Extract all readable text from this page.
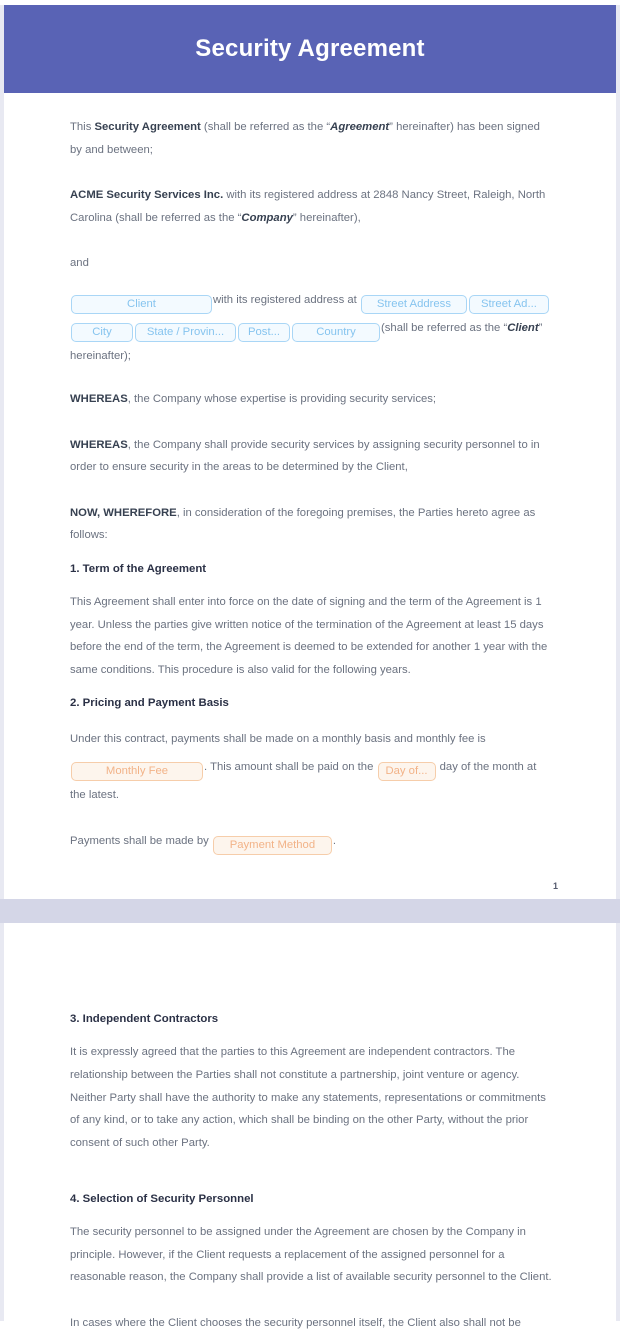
Security Agreement

This Security Agreement (shall be referred as the “Agreement” hereinafter) has been signed by and between;

ACME Security Services Inc. with its registered address at 2848 Nancy Street, Raleigh, North Carolina (shall be referred as the “Company” hereinafter),

and

Client	with its registered address at Street Address	Street Ad...City	State / Provin... Post...	Country (shall be referred as the “Client” hereinafter);

WHEREAS, the Company whose expertise is providing security services;

WHEREAS, the Company shall provide security services by assigning security personnel to in order to ensure security in the areas to be determined by the Client,

NOW, WHEREFORE, in consideration of the foregoing premises, the Parties hereto agree as follows:

1. Term of the Agreement

This Agreement shall enter into force on the date of signing and the term of the Agreement is 1 year. Unless the parties give written notice of the termination of the Agreement at least 15 days before the end of the term, the Agreement is deemed to be extended for another 1 year with the same conditions. This procedure is also valid for the following years.

2. Pricing and Payment Basis
Under this contract, payments shall be made on a monthly basis and monthly fee is Monthly Fee	. This amount shall be paid on the Day of... day of the month at the latest.
Payments shall be made by Payment Method .
1
3. Independent Contractors

It is expressly agreed that the parties to this Agreement are independent contractors. The relationship between the Parties shall not constitute a partnership, joint venture or agency. Neither Party shall have the authority to make any statements, representations or commitments of any kind, or to take any action, which shall be binding on the other Party, without the prior consent of such other Party.

4. Selection of Security Personnel

The security personnel to be assigned under the Agreement are chosen by the Company in principle. However, if the Client requests a replacement of the assigned personnel for a reasonable reason, the Company shall provide a list of available security personnel to the Client.

In cases where the Client chooses the security personnel itself, the Client also shall not be
